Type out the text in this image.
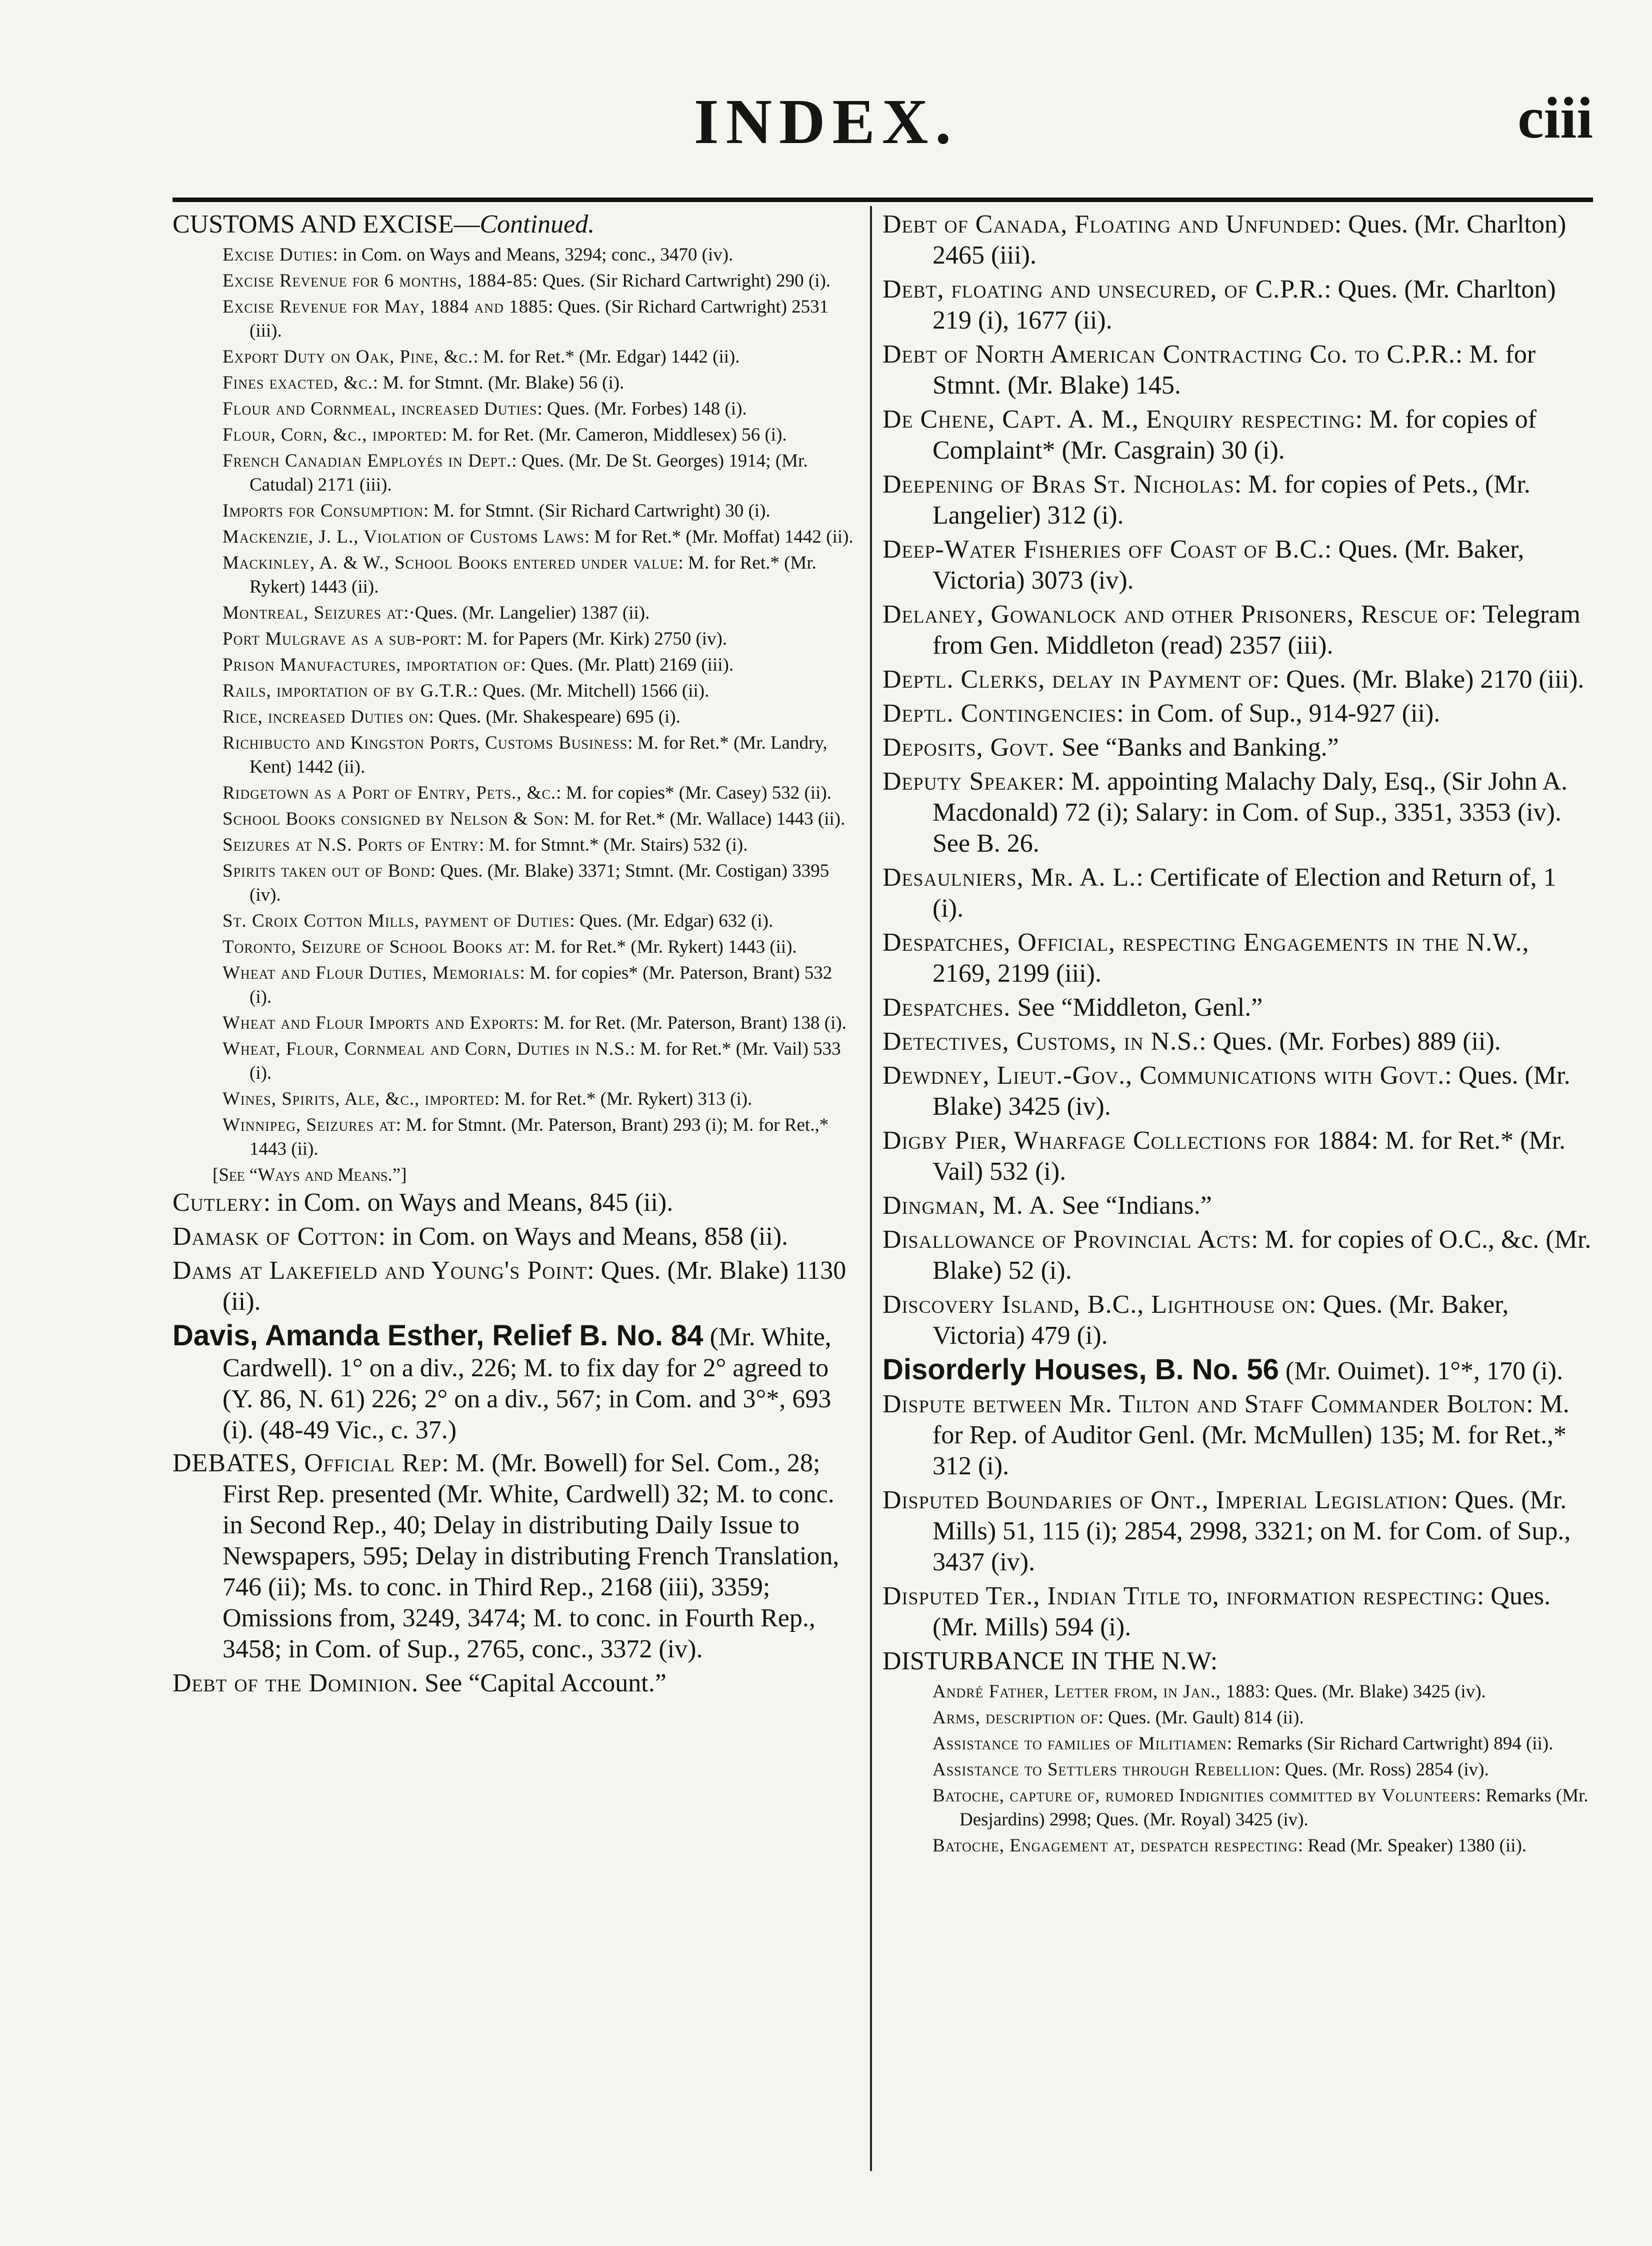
INDEX.	ciii
CUSTOMS AND EXCISE—Continued.
Excise Duties: in Com. on Ways and Means, 3294; conc., 3470 (iv).
Excise Revenue for 6 months, 1884-85: Ques. (Sir Richard Cartwright) 290 (i).
Excise Revenue for May, 1884 and 1885: Ques. (Sir Richard Cartwright) 2531 (iii).
Export Duty on Oak, Pine, &c.: M. for Ret.* (Mr. Edgar) 1442 (ii).
Fines exacted, &c.: M. for Stmnt. (Mr. Blake) 56 (i).
Flour and Cornmeal, increased Duties: Ques. (Mr. Forbes) 148 (i).
Flour, Corn, &c., imported: M. for Ret. (Mr. Cameron, Middlesex) 56 (i).
French Canadian Employés in Dept.: Ques. (Mr. De St. Georges) 1914; (Mr. Catudal) 2171 (iii).
Imports for Consumption: M. for Stmnt. (Sir Richard Cartwright) 30 (i).
Mackenzie, J. L., Violation of Customs Laws: M for Ret.* (Mr. Moffat) 1442 (ii).
Mackinley, A. & W., School Books entered under value: M. for Ret.* (Mr. Rykert) 1443 (ii).
Montreal, Seizures at:·Ques. (Mr. Langelier) 1387 (ii).
Port Mulgrave as a sub-port: M. for Papers (Mr. Kirk) 2750 (iv).
Prison Manufactures, importation of: Ques. (Mr. Platt) 2169 (iii).
Rails, importation of by G.T.R.: Ques. (Mr. Mitchell) 1566 (ii).
Rice, increased Duties on: Ques. (Mr. Shakespeare) 695 (i).
Richibucto and Kingston Ports, Customs Business: M. for Ret.* (Mr. Landry, Kent) 1442 (ii).
Ridgetown as a Port of Entry, Pets., &c.: M. for copies* (Mr. Casey) 532 (ii).
School Books consigned by Nelson & Son: M. for Ret.* (Mr. Wallace) 1443 (ii).
Seizures at N.S. Ports of Entry: M. for Stmnt.* (Mr. Stairs) 532 (i).
Spirits taken out of Bond: Ques. (Mr. Blake) 3371; Stmnt. (Mr. Costigan) 3395 (iv).
St. Croix Cotton Mills, payment of Duties: Ques. (Mr. Edgar) 632 (i).
Toronto, Seizure of School Books at: M. for Ret.* (Mr. Rykert) 1443 (ii).
Wheat and Flour Duties, Memorials: M. for copies* (Mr. Paterson, Brant) 532 (i).
Wheat and Flour Imports and Exports: M. for Ret. (Mr. Paterson, Brant) 138 (i).
Wheat, Flour, Cornmeal and Corn, Duties in N.S.: M. for Ret.* (Mr. Vail) 533 (i).
Wines, Spirits, Ale, &c., imported: M. for Ret.* (Mr. Rykert) 313 (i).
Winnipeg, Seizures at: M. for Stmnt. (Mr. Paterson, Brant) 293 (i); M. for Ret.,* 1443 (ii).
[See “Ways and Means.”]
Cutlery: in Com. on Ways and Means, 845 (ii).
Damask of Cotton: in Com. on Ways and Means, 858 (ii).
Dams at Lakefield and Young's Point: Ques. (Mr. Blake) 1130 (ii).
Davis, Amanda Esther, Relief B. No. 84 (Mr. White, Cardwell). 1° on a div., 226; M. to fix day for 2° agreed to (Y. 86, N. 61) 226; 2° on a div., 567; in Com. and 3°*, 693 (i). (48-49 Vic., c. 37.)
DEBATES, Official Rep: M. (Mr. Bowell) for Sel. Com., 28; First Rep. presented (Mr. White, Cardwell) 32; M. to conc. in Second Rep., 40; Delay in distributing Daily Issue to Newspapers, 595; Delay in distributing French Translation, 746 (ii); Ms. to conc. in Third Rep., 2168 (iii), 3359; Omissions from, 3249, 3474; M. to conc. in Fourth Rep., 3458; in Com. of Sup., 2765, conc., 3372 (iv).
Debt of the Dominion. See “Capital Account.”
Debt of Canada, Floating and Unfunded: Ques. (Mr. Charlton) 2465 (iii).
Debt, floating and unsecured, of C.P.R.: Ques. (Mr. Charlton) 219 (i), 1677 (ii).
Debt of North American Contracting Co. to C.P.R.: M. for Stmnt. (Mr. Blake) 145.
De Chene, Capt. A. M., Enquiry respecting: M. for copies of Complaint* (Mr. Casgrain) 30 (i).
Deepening of Bras St. Nicholas: M. for copies of Pets., (Mr. Langelier) 312 (i).
Deep-Water Fisheries off Coast of B.C.: Ques. (Mr. Baker, Victoria) 3073 (iv).
Delaney, Gowanlock and other Prisoners, Rescue of: Telegram from Gen. Middleton (read) 2357 (iii).
Deptl. Clerks, delay in Payment of: Ques. (Mr. Blake) 2170 (iii).
Deptl. Contingencies: in Com. of Sup., 914-927 (ii).
Deposits, Govt. See “Banks and Banking.”
Deputy Speaker: M. appointing Malachy Daly, Esq., (Sir John A. Macdonald) 72 (i); Salary: in Com. of Sup., 3351, 3353 (iv). See B. 26.
Desaulniers, Mr. A. L.: Certificate of Election and Return of, 1 (i).
Despatches, Official, respecting Engagements in the N.W., 2169, 2199 (iii).
Despatches. See “Middleton, Genl.”
Detectives, Customs, in N.S.: Ques. (Mr. Forbes) 889 (ii).
Dewdney, Lieut.-Gov., Communications with Govt.: Ques. (Mr. Blake) 3425 (iv).
Digby Pier, Wharfage Collections for 1884: M. for Ret.* (Mr. Vail) 532 (i).
Dingman, M. A. See “Indians.”
Disallowance of Provincial Acts: M. for copies of O.C., &c. (Mr. Blake) 52 (i).
Discovery Island, B.C., Lighthouse on: Ques. (Mr. Baker, Victoria) 479 (i).
Disorderly Houses, B. No. 56 (Mr. Ouimet). 1°*, 170 (i).
Dispute between Mr. Tilton and Staff Commander Bolton: M. for Rep. of Auditor Genl. (Mr. McMullen) 135; M. for Ret.,* 312 (i).
Disputed Boundaries of Ont., Imperial Legislation: Ques. (Mr. Mills) 51, 115 (i); 2854, 2998, 3321; on M. for Com. of Sup., 3437 (iv).
Disputed Ter., Indian Title to, information respecting: Ques. (Mr. Mills) 594 (i).
DISTURBANCE IN THE N.W:
André Father, Letter from, in Jan., 1883: Ques. (Mr. Blake) 3425 (iv).
Arms, description of: Ques. (Mr. Gault) 814 (ii).
Assistance to families of Militiamen: Remarks (Sir Richard Cartwright) 894 (ii).
Assistance to Settlers through Rebellion: Ques. (Mr. Ross) 2854 (iv).
Batoche, capture of, rumored Indignities committed by Volunteers: Remarks (Mr. Desjardins) 2998; Ques. (Mr. Royal) 3425 (iv).
Batoche, Engagement at, despatch respecting: Read (Mr. Speaker) 1380 (ii).
